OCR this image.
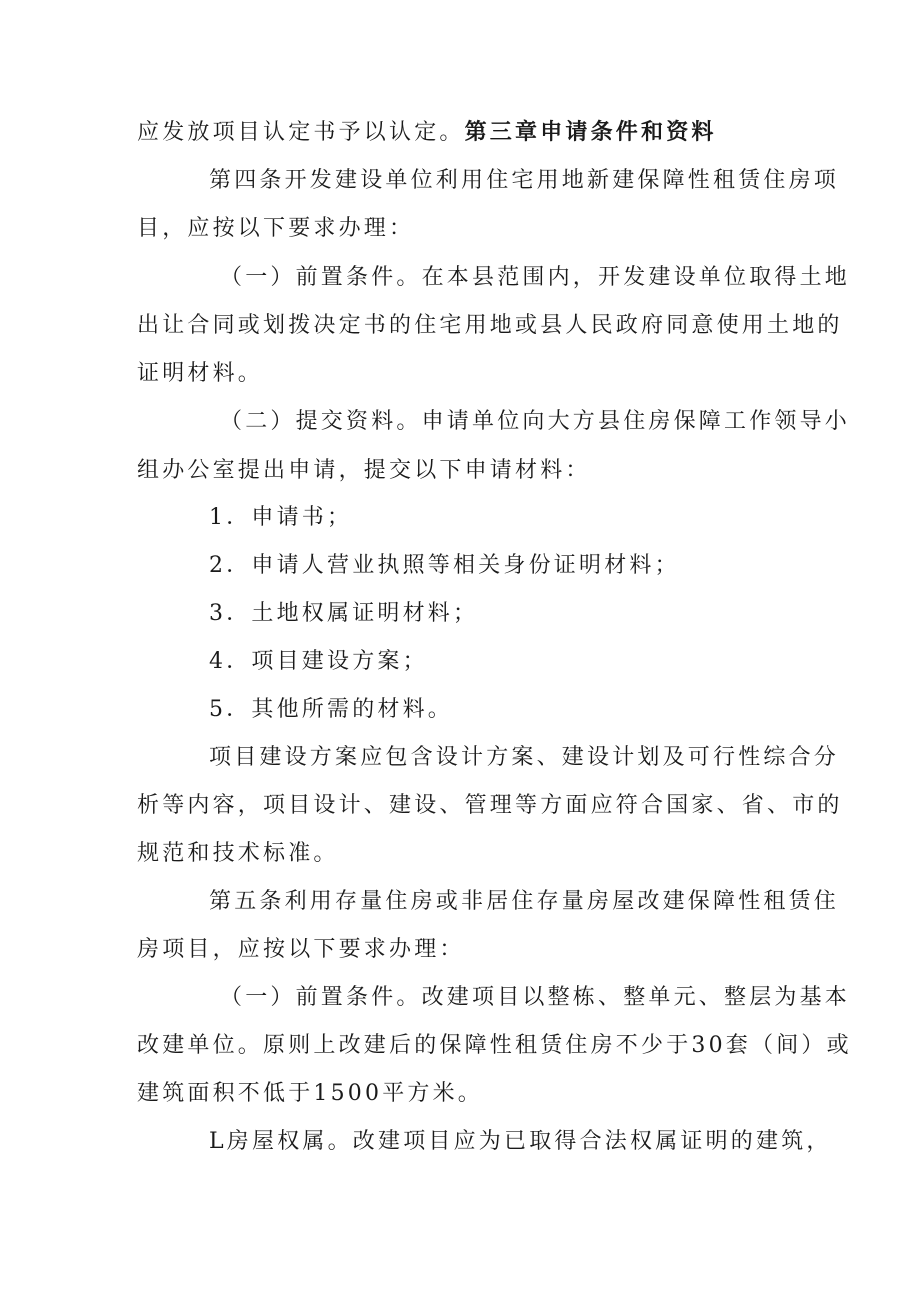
应发放项目认定书予以认定。第三章申请条件和资料
第四条开发建设单位利用住宅用地新建保障性租赁住房项
目，应按以下要求办理：
（一）前置条件。在本县范围内，开发建设单位取得土地
出让合同或划拨决定书的住宅用地或县人民政府同意使用土地的
证明材料。
（二）提交资料。申请单位向大方县住房保障工作领导小
组办公室提出申请，提交以下申请材料：
1．申请书；
2．申请人营业执照等相关身份证明材料；
3．土地权属证明材料；
4．项目建设方案；
5．其他所需的材料。
项目建设方案应包含设计方案、建设计划及可行性综合分
析等内容，项目设计、建设、管理等方面应符合国家、省、市的
规范和技术标准。
第五条利用存量住房或非居住存量房屋改建保障性租赁住
房项目，应按以下要求办理：
（一）前置条件。改建项目以整栋、整单元、整层为基本
改建单位。原则上改建后的保障性租赁住房不少于30套（间）或
建筑面积不低于1500平方米。
L房屋权属。改建项目应为已取得合法权属证明的建筑，
